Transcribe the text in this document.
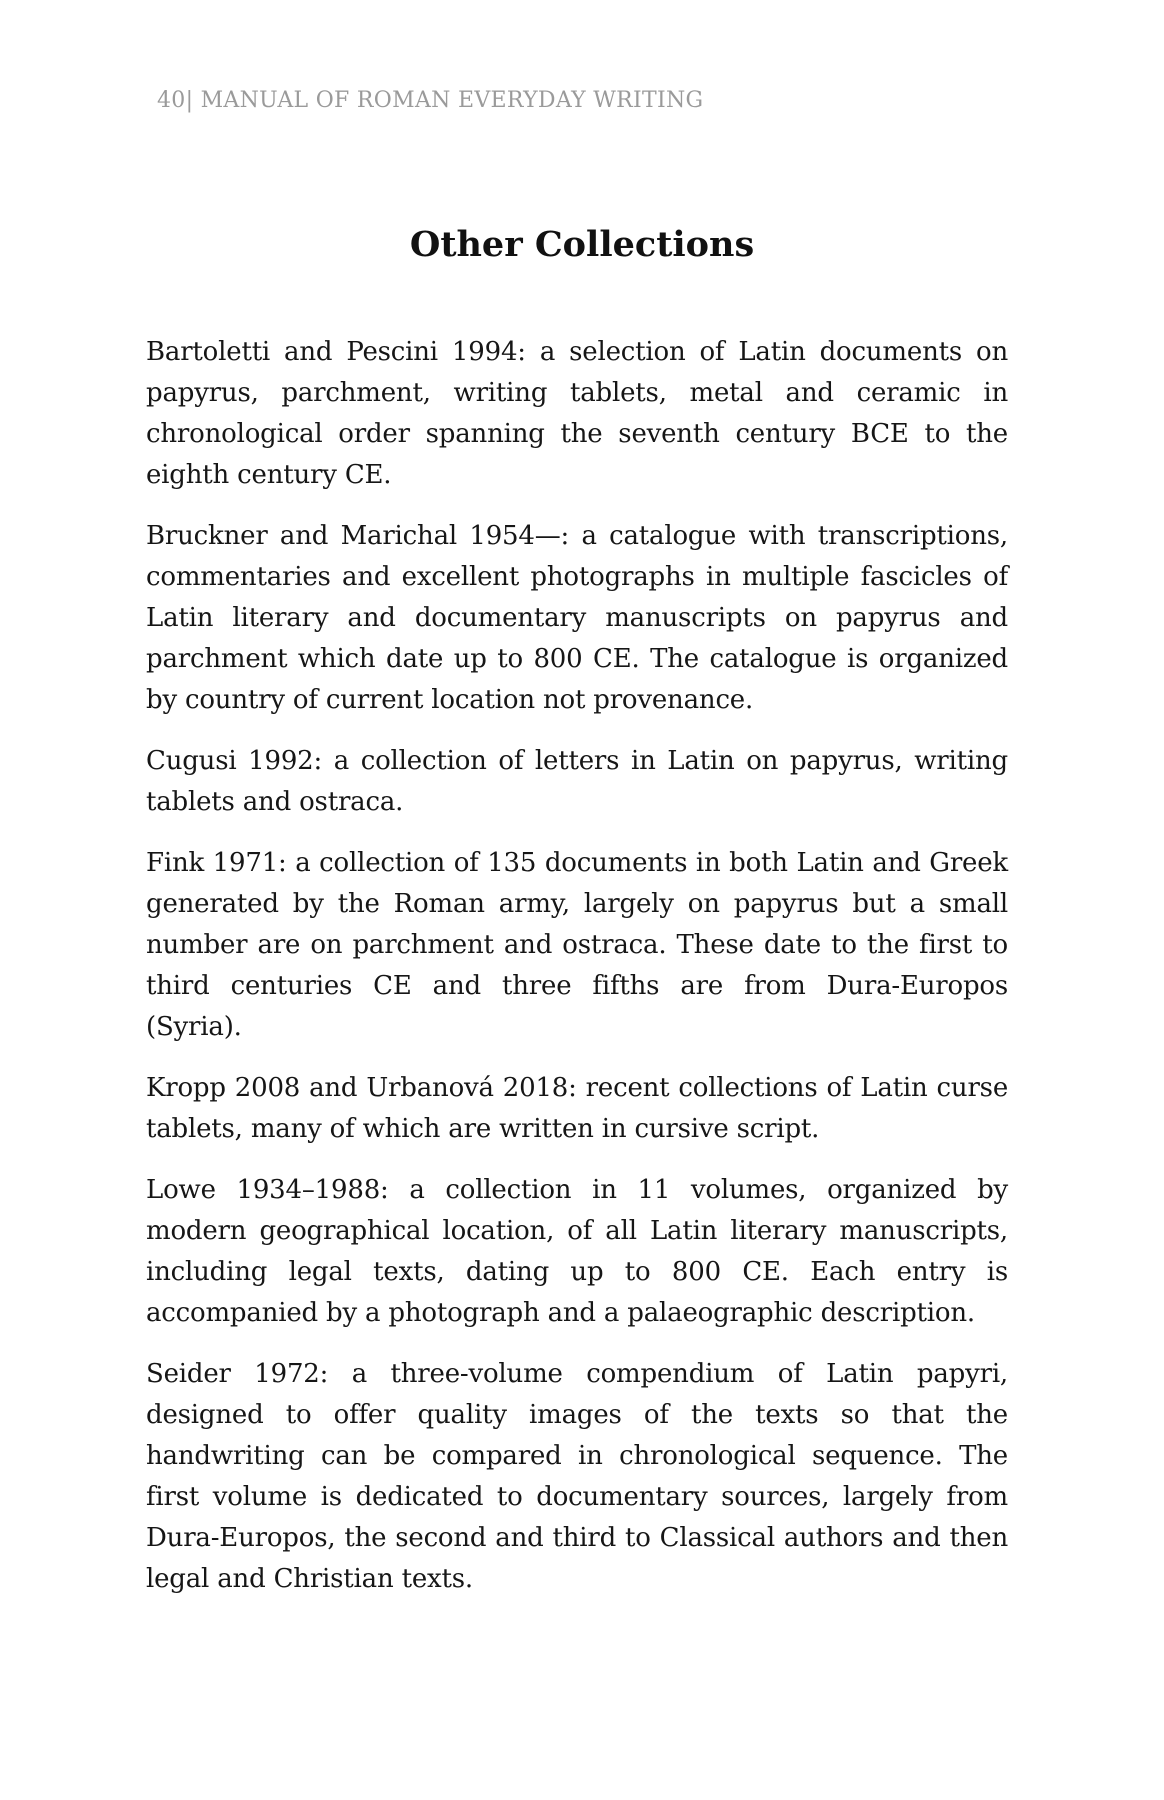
40| MANUAL OF ROMAN EVERYDAY WRITING
Other Collections

Bartoletti and Pescini 1994: a selection of Latin documents on papyrus, parchment, writing tablets, metal and ceramic in chronological order spanning the seventh century BCE to the eighth century CE.

Bruckner and Marichal 1954—: a catalogue with transcriptions, commentaries and excellent photographs in multiple fascicles of Latin literary and documentary manuscripts on papyrus and parchment which date up to 800 CE. The catalogue is organized by country of current location not provenance.

Cugusi 1992: a collection of letters in Latin on papyrus, writing tablets and ostraca.

Fink 1971: a collection of 135 documents in both Latin and Greek generated by the Roman army, largely on papyrus but a small number are on parchment and ostraca. These date to the first to third centuries CE and three fifths are from Dura-Europos (Syria).

Kropp 2008 and Urbanová 2018: recent collections of Latin curse tablets, many of which are written in cursive script.

Lowe 1934–1988: a collection in 11 volumes, organized by modern geographical location, of all Latin literary manuscripts, including legal texts, dating up to 800 CE. Each entry is accompanied by a photograph and a palaeographic description.

Seider 1972: a three-volume compendium of Latin papyri, designed to offer quality images of the texts so that the handwriting can be compared in chronological sequence. The first volume is dedicated to documentary sources, largely from Dura-Europos, the second and third to Classical authors and then legal and Christian texts.
